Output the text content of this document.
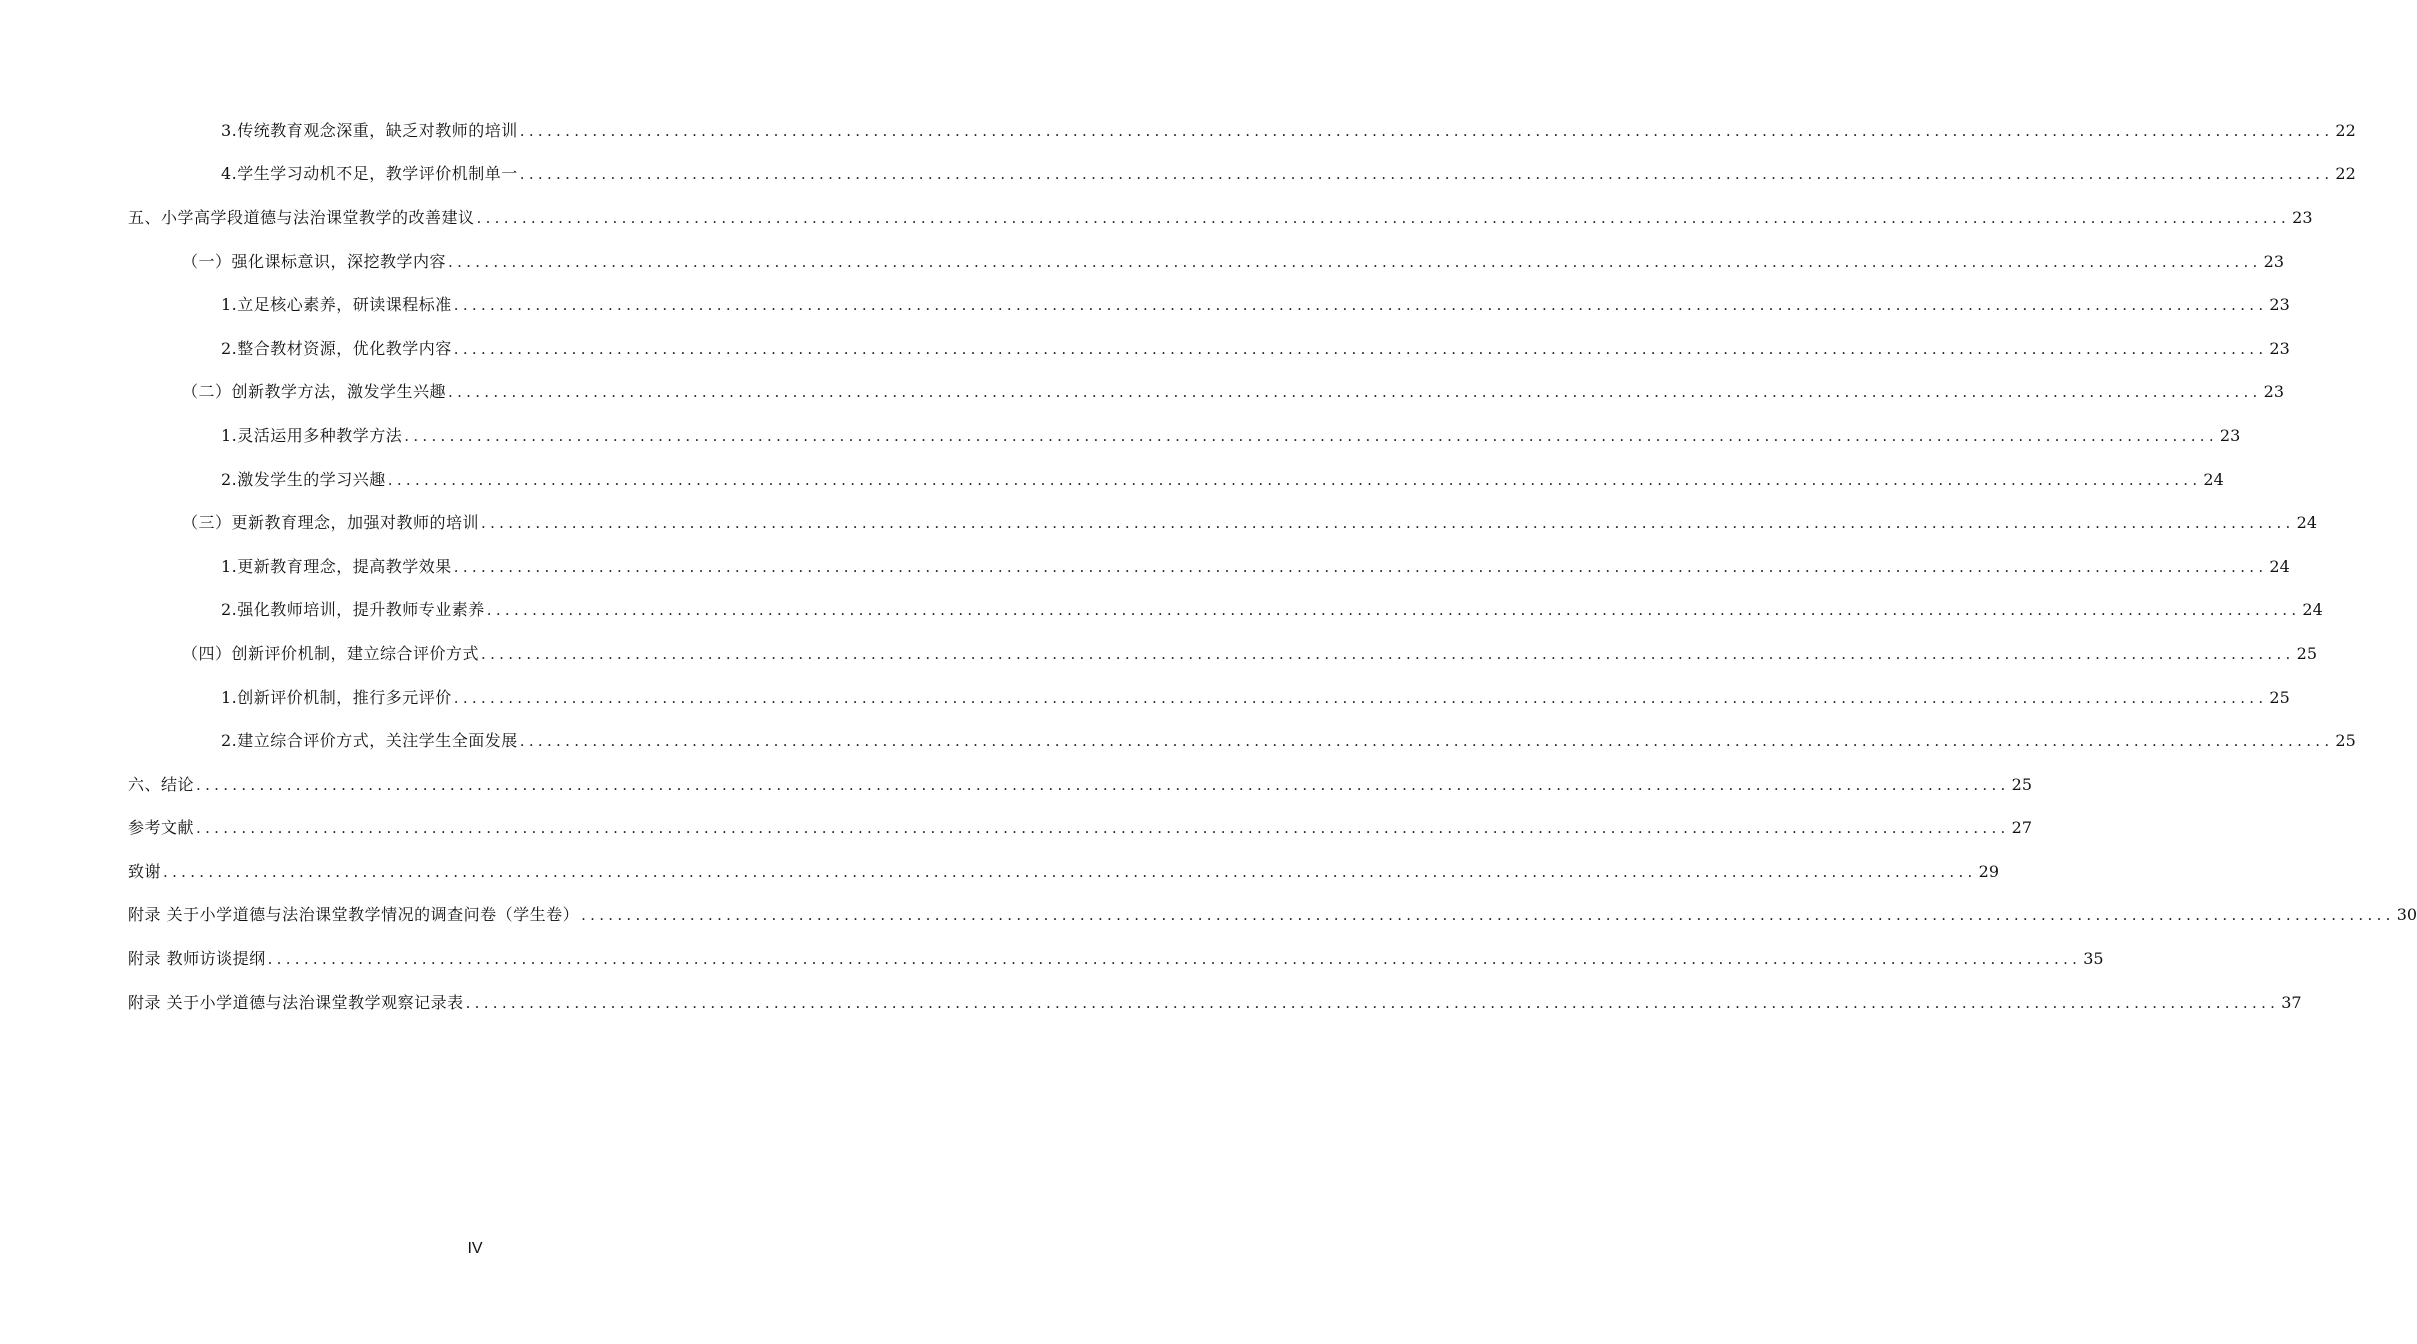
3.传统教育观念深重，缺乏对教师的培训 ........................................................................................................................................................................................................ 22
4.学生学习动机不足，教学评价机制单一 ........................................................................................................................................................................................................ 22
五、小学高学段道德与法治课堂教学的改善建议 ........................................................................................................................................................................................................ 23
（一）强化课标意识，深挖教学内容 ........................................................................................................................................................................................................ 23
1.立足核心素养，研读课程标准 ........................................................................................................................................................................................................ 23
2.整合教材资源，优化教学内容 ........................................................................................................................................................................................................ 23
（二）创新教学方法，激发学生兴趣 ........................................................................................................................................................................................................ 23
1.灵活运用多种教学方法 ........................................................................................................................................................................................................ 23
2.激发学生的学习兴趣 ........................................................................................................................................................................................................ 24
（三）更新教育理念，加强对教师的培训 ........................................................................................................................................................................................................ 24
1.更新教育理念，提高教学效果 ........................................................................................................................................................................................................ 24
2.强化教师培训，提升教师专业素养 ........................................................................................................................................................................................................ 24
（四）创新评价机制，建立综合评价方式 ........................................................................................................................................................................................................ 25
1.创新评价机制，推行多元评价 ........................................................................................................................................................................................................ 25
2.建立综合评价方式，关注学生全面发展 ........................................................................................................................................................................................................ 25
六、结论 ........................................................................................................................................................................................................ 25
参考文献 ........................................................................................................................................................................................................ 27
致谢 ........................................................................................................................................................................................................ 29
附录 关于小学道德与法治课堂教学情况的调查问卷（学生卷） ........................................................................................................................................................................................................ 30
附录 教师访谈提纲 ........................................................................................................................................................................................................ 35
附录 关于小学道德与法治课堂教学观察记录表 ........................................................................................................................................................................................................ 37
IV
